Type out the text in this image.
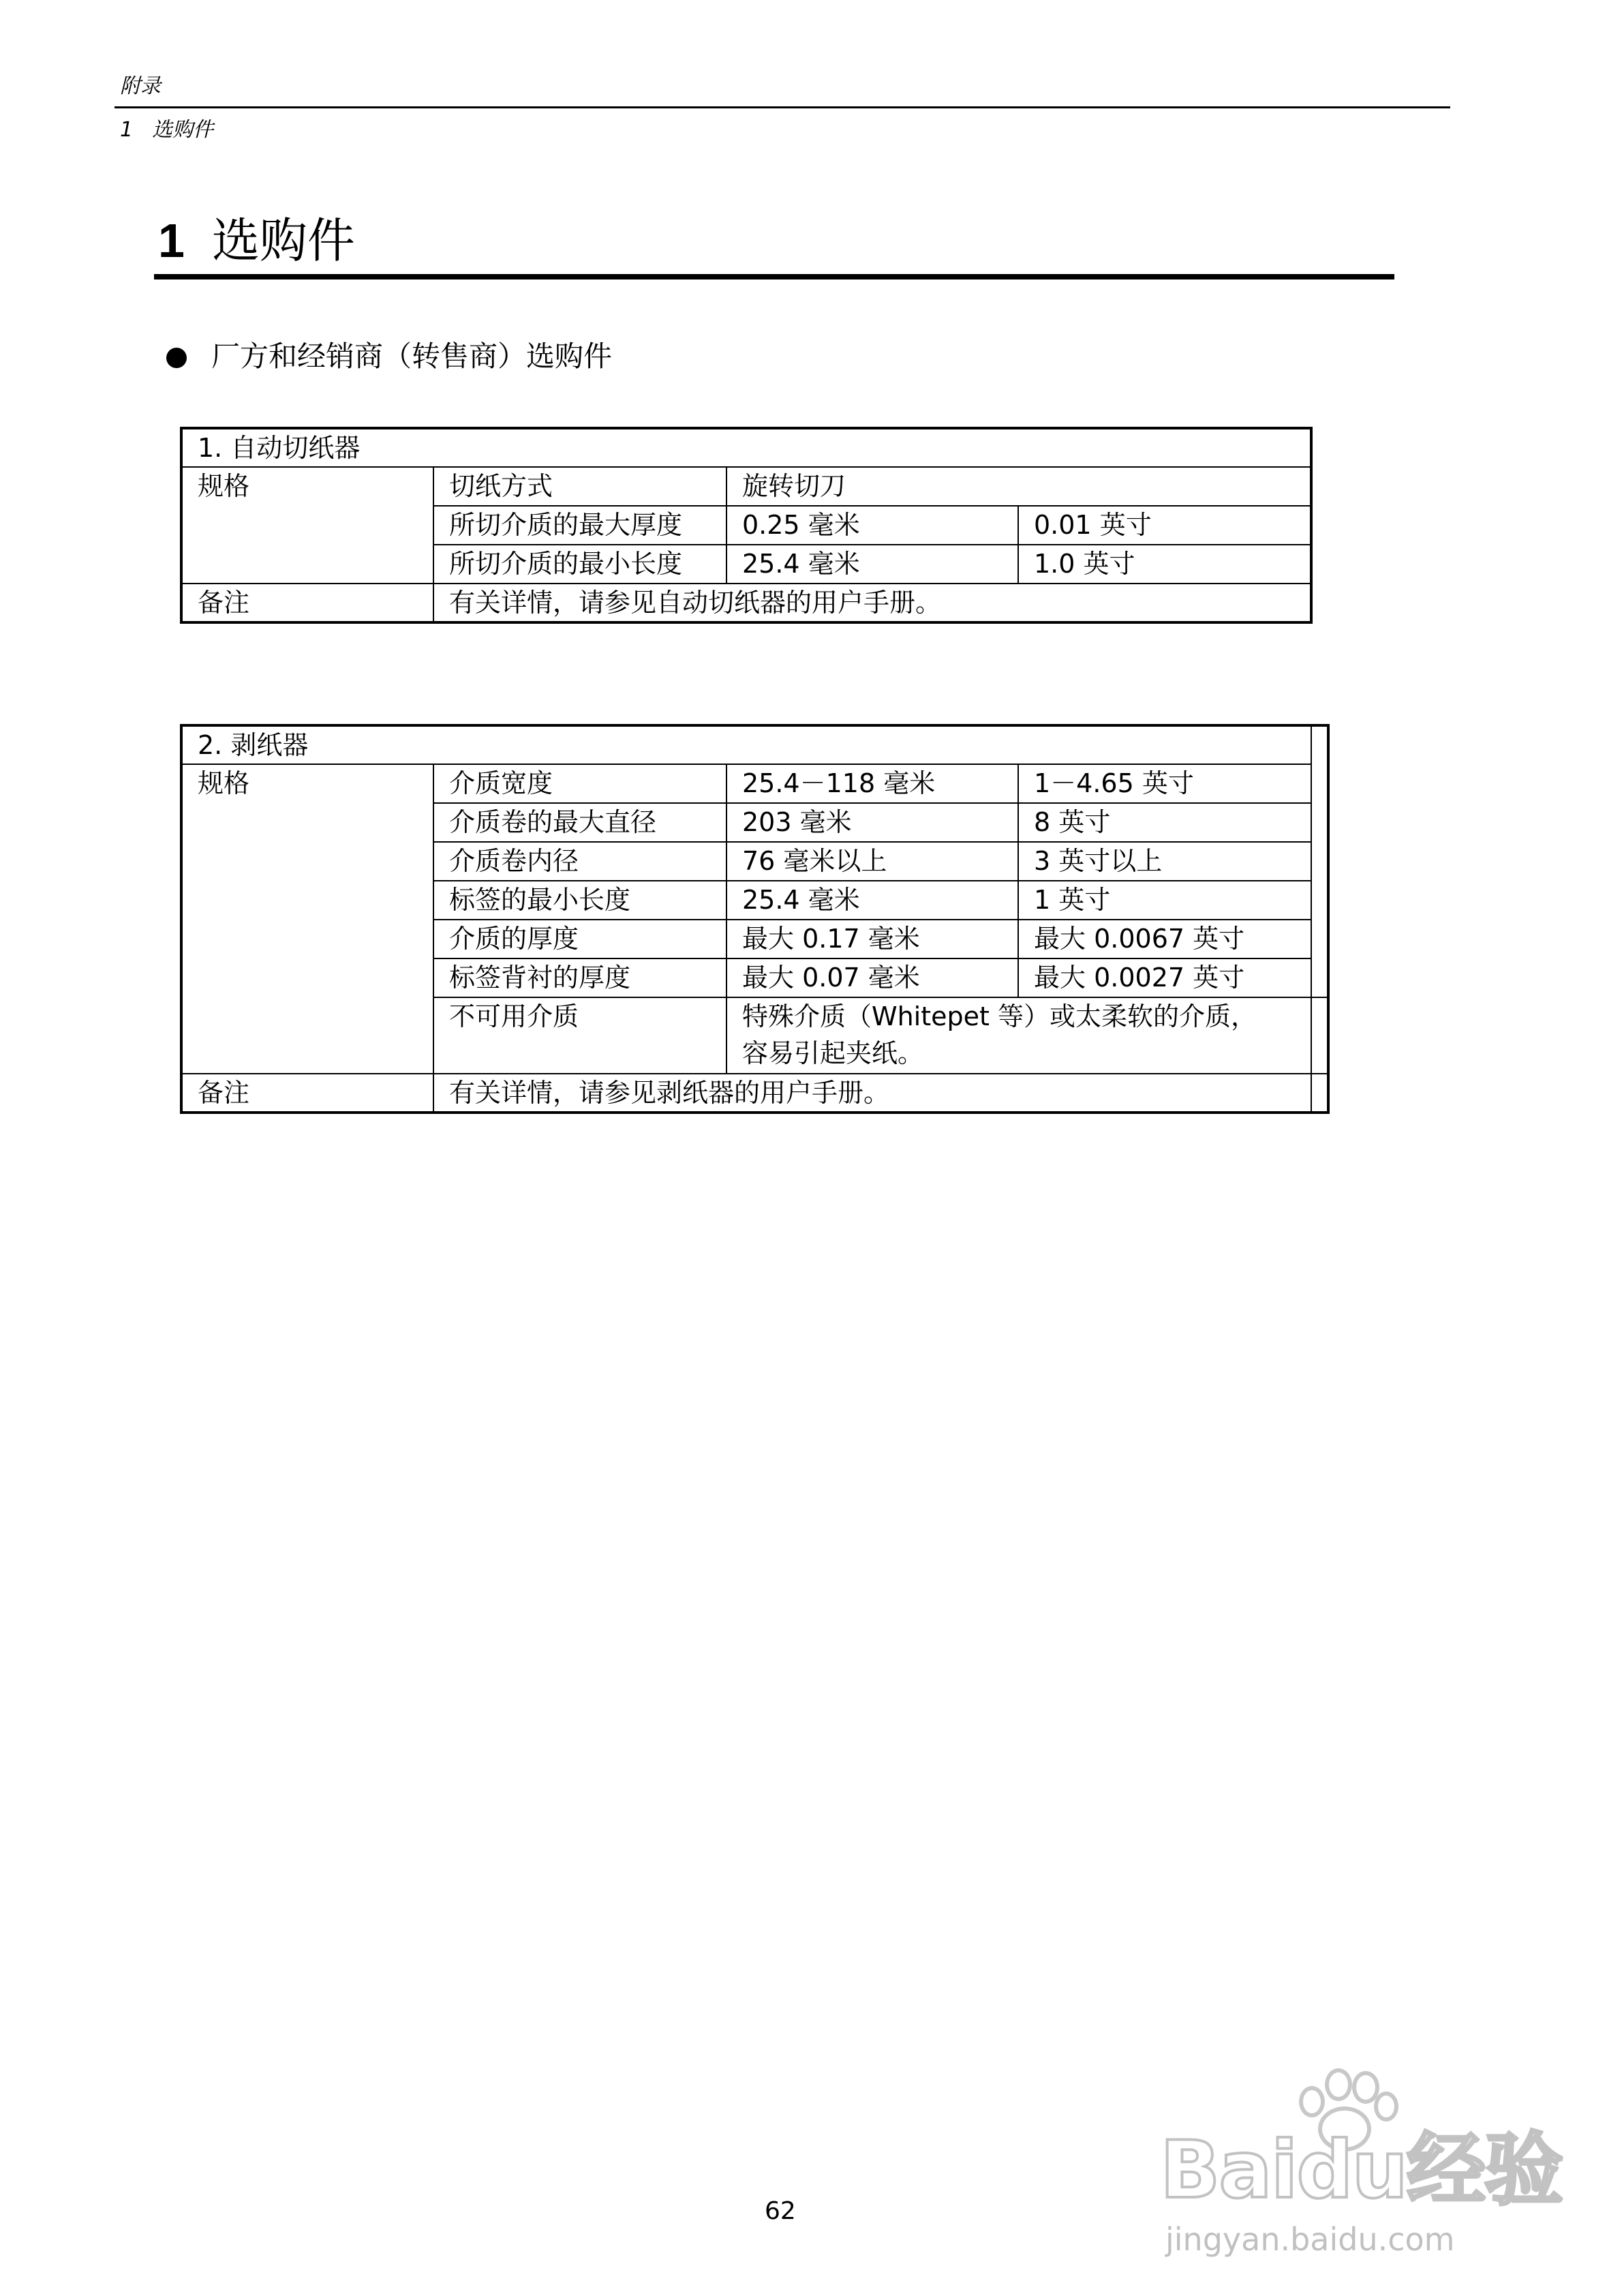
附录
1 选购件
1 选购件
厂方和经销商（转售商）选购件
1. 自动切纸器			
规格	切纸方式	旋转切刀	
	所切介质的最大厚度	0.25 毫米	0.01 英寸
	所切介质的最小长度	25.4 毫米	1.0 英寸
备注	有关详情，请参见自动切纸器的用户手册。		
2. 剥纸器				
规格	介质宽度	25.4－118 毫米	1－4.65 英寸	
	介质卷的最大直径	203 毫米	8 英寸	
	介质卷内径	76 毫米以上	3 英寸以上	
	标签的最小长度	25.4 毫米	1 英寸	
	介质的厚度	最大 0.17 毫米	最大 0.0067 英寸	
	标签背衬的厚度	最大 0.07 毫米	最大 0.0027 英寸	
	不可用介质	特殊介质（Whitepet 等）或太柔软的介质，
容易引起夹纸。		

备注	有关详情，请参见剥纸器的用户手册。			
62	Baidu经验
jingyan.baidu.com
